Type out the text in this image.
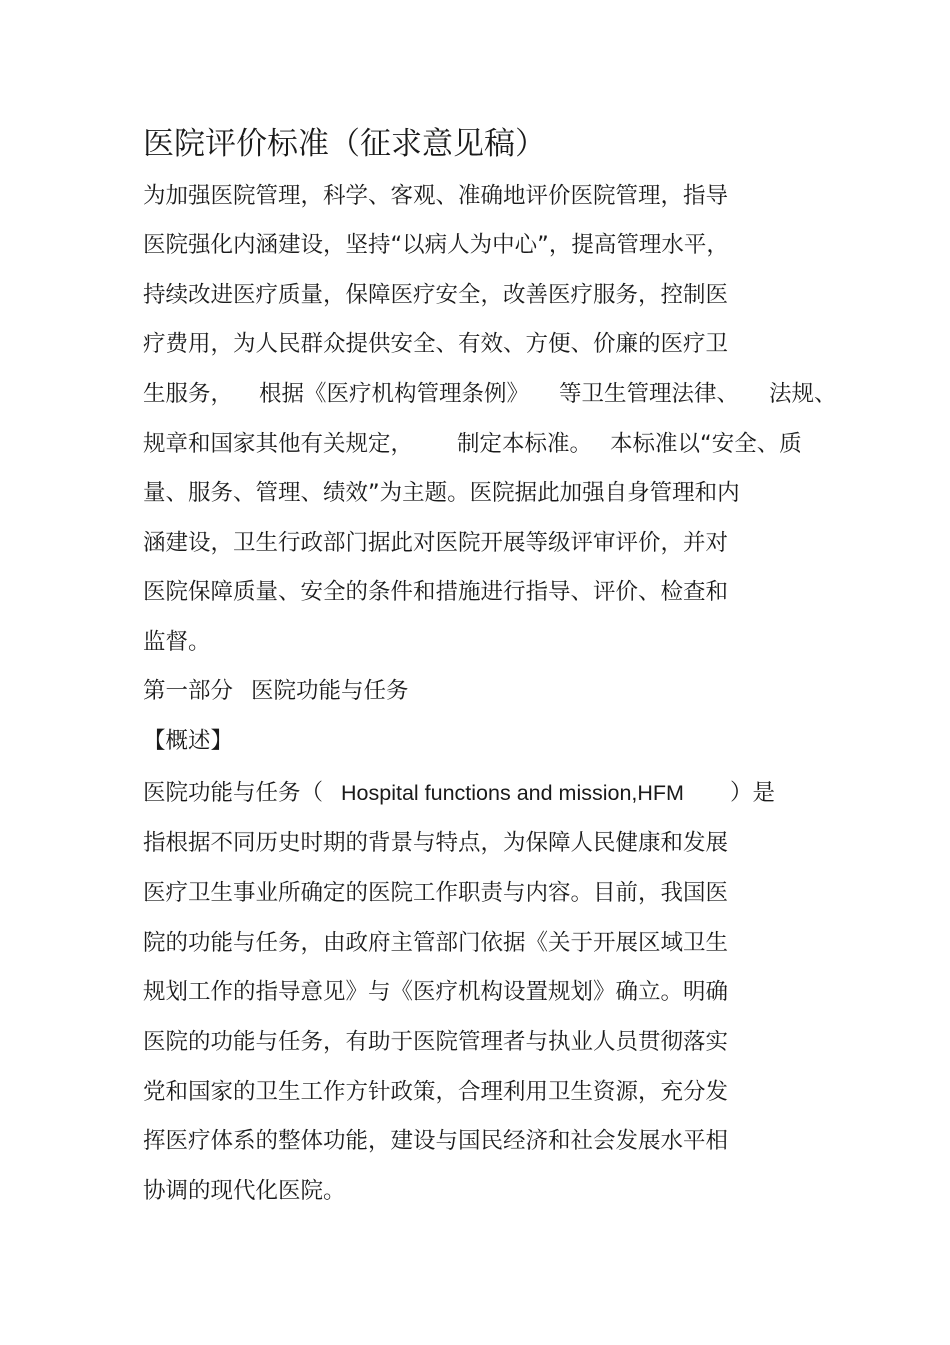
医院评价标准（征求意见稿）
为加强医院管理，科学、客观、准确地评价医院管理，指导
医院强化内涵建设，坚持“以病人为中心”，提高管理水平，
持续改进医疗质量，保障医疗安全，改善医疗服务，控制医
疗费用，为人民群众提供安全、有效、方便、价廉的医疗卫
生服务， 根据《医疗机构管理条例》 等卫生管理法律、 法规、
规章和国家其他有关规定， 制定本标准。 本标准以“安全、质
量、服务、管理、绩效”为主题。医院据此加强自身管理和内
涵建设，卫生行政部门据此对医院开展等级评审评价，并对
医院保障质量、安全的条件和措施进行指导、评价、检查和
监督。
第一部分 医院功能与任务
【概述】
医院功能与任务（ Hospital functions and mission,HFM ）是
指根据不同历史时期的背景与特点，为保障人民健康和发展
医疗卫生事业所确定的医院工作职责与内容。目前，我国医
院的功能与任务，由政府主管部门依据《关于开展区域卫生
规划工作的指导意见》与《医疗机构设置规划》确立。明确
医院的功能与任务，有助于医院管理者与执业人员贯彻落实
党和国家的卫生工作方针政策，合理利用卫生资源，充分发
挥医疗体系的整体功能，建设与国民经济和社会发展水平相
协调的现代化医院。
